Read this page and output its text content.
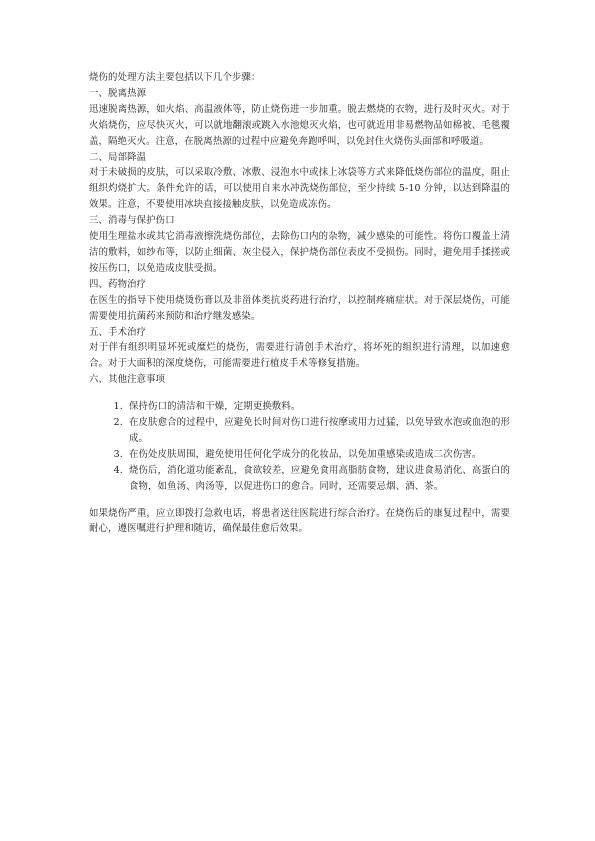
烧伤的处理方法主要包括以下几个步骤：

一、脱离热源

迅速脱离热源，如火焰、高温液体等，防止烧伤进一步加重。脱去燃烧的衣物，进行及时灭火。对于火焰烧伤，应尽快灭火，可以就地翻滚或跳入水池熄灭火焰，也可就近用非易燃物品如棉被、毛毯覆盖，隔绝灭火。注意，在脱离热源的过程中应避免奔跑呼叫，以免封住火烧伤头面部和呼吸道。

二、局部降温

对于未破损的皮肤，可以采取冷敷、冰敷、浸泡水中或抹上冰袋等方式来降低烧伤部位的温度，阻止组织灼烧扩大。条件允许的话，可以使用自来水冲洗烧伤部位，至少持续 5-10 分钟，以达到降温的效果。注意，不要使用冰块直接接触皮肤，以免造成冻伤。

三、消毒与保护伤口

使用生理盐水或其它消毒液擦洗烧伤部位，去除伤口内的杂物，减少感染的可能性。将伤口覆盖上清洁的敷料，如纱布等，以防止细菌、灰尘侵入，保护烧伤部位表皮不受损伤。同时，避免用手揉搓或按压伤口，以免造成皮肤受损。

四、药物治疗

在医生的指导下使用烧烫伤膏以及非甾体类抗炎药进行治疗，以控制疼痛症状。对于深层烧伤，可能需要使用抗菌药来预防和治疗继发感染。

五、手术治疗

对于伴有组织明显坏死或糜烂的烧伤，需要进行清创手术治疗，将坏死的组织进行清理，以加速愈合。对于大面积的深度烧伤，可能需要进行植皮手术等修复措施。

六、其他注意事项

1. 保持伤口的清洁和干燥，定期更换敷料。
2. 在皮肤愈合的过程中，应避免长时间对伤口进行按摩或用力过猛，以免导致水泡或血泡的形成。
3. 在伤处皮肤周围，避免使用任何化学成分的化妆品，以免加重感染或造成二次伤害。
4. 烧伤后，消化道功能紊乱，食欲较差，应避免食用高脂肪食物，建议进食易消化、高蛋白的食物，如鱼汤、肉汤等，以促进伤口的愈合。同时，还需要忌烟、酒、茶。

如果烧伤严重，应立即拨打急救电话，将患者送往医院进行综合治疗。在烧伤后的康复过程中，需要耐心，遵医嘱进行护理和随访，确保最佳愈后效果。
